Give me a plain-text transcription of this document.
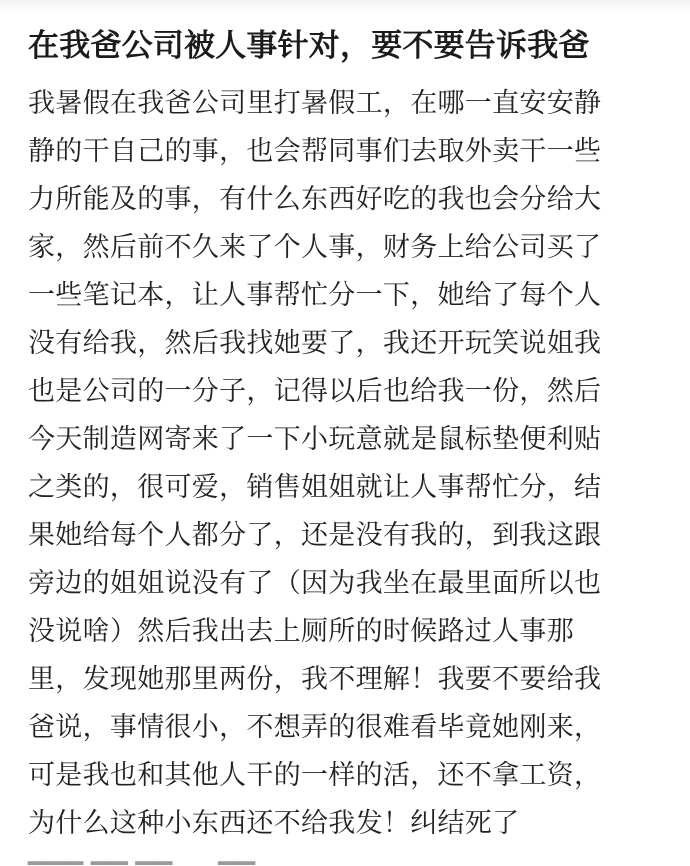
在我爸公司被人事针对，要不要告诉我爸
我暑假在我爸公司里打暑假工，在哪一直安安静
静的干自己的事，也会帮同事们去取外卖干一些
力所能及的事，有什么东西好吃的我也会分给大
家，然后前不久来了个人事，财务上给公司买了
一些笔记本，让人事帮忙分一下，她给了每个人
没有给我，然后我找她要了，我还开玩笑说姐我
也是公司的一分子，记得以后也给我一份，然后
今天制造网寄来了一下小玩意就是鼠标垫便利贴
之类的，很可爱，销售姐姐就让人事帮忙分，结
果她给每个人都分了，还是没有我的，到我这跟
旁边的姐姐说没有了（因为我坐在最里面所以也
没说啥）然后我出去上厕所的时候路过人事那
里，发现她那里两份，我不理解！我要不要给我
爸说，事情很小，不想弄的很难看毕竟她刚来，
可是我也和其他人干的一样的活，还不拿工资，
为什么这种小东西还不给我发！纠结死了
▁▁▁ ▁▁ ▁▁      ▁▁
